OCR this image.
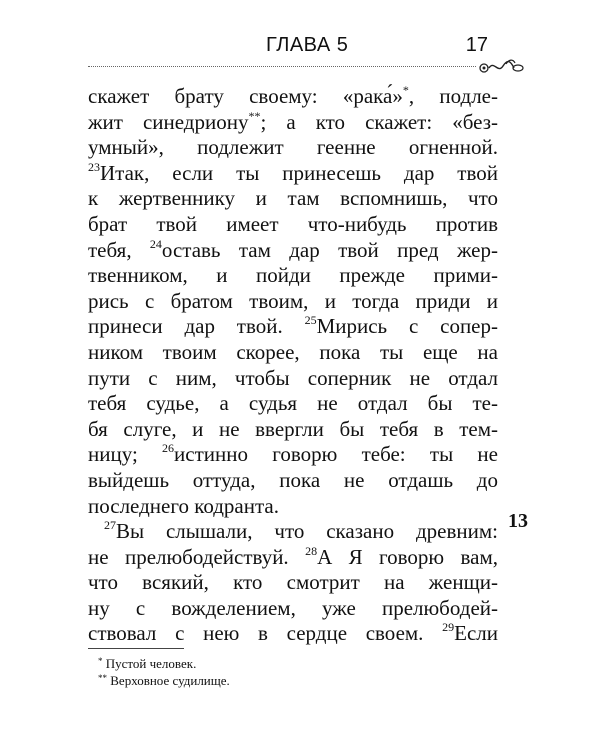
ГЛАВА 5	17
скажет брату своему: «рака́»*, подле-
жит синедриону**; а кто скажет: «без-
умный», подлежит геенне огненной.
$^{23}$Итак, если ты принесешь дар твой
к жертвеннику и там вспомнишь, что
брат твой имеет что-нибудь против
тебя, $^{24}$оставь там дар твой пред жер-
твенником, и пойди прежде прими-
рись с братом твоим, и тогда приди и
принеси дар твой. $^{25}$Мирись с сопер-
ником твоим скорее, пока ты еще на
пути с ним, чтобы соперник не отдал
тебя судье, а судья не отдал бы те-
бя слуге, и не ввергли бы тебя в тем-
ницу; $^{26}$истинно говорю тебе: ты не
выйдешь оттуда, пока не отдашь до
последнего кодранта.
$^{27}$Вы слышали, что сказано древним:
не прелюбодействуй. $^{28}$А Я говорю вам,
что всякий, кто смотрит на женщи-
ну с вожделением, уже прелюбодей-
ствовал с нею в сердце своем. $^{29}$Если
13
* Пустой человек.
** Верховное судилище.
